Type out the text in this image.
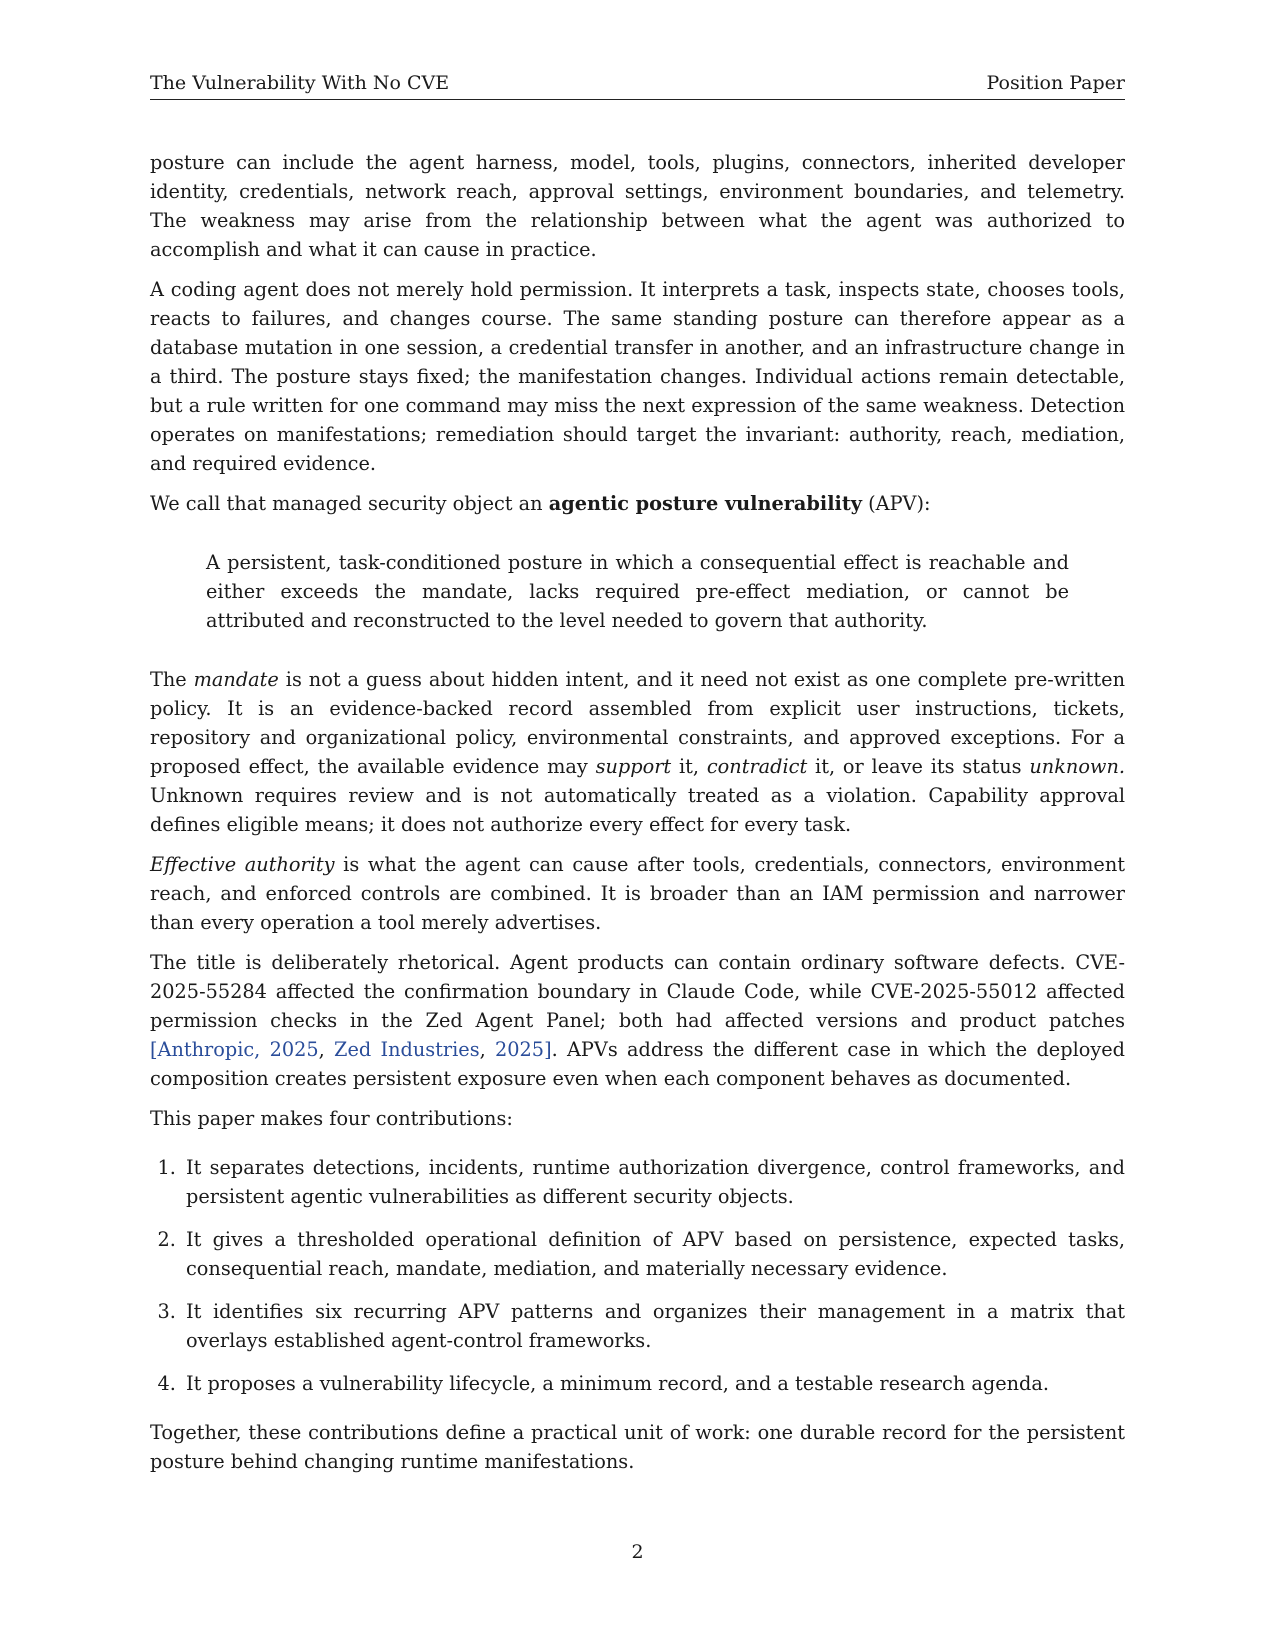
The Vulnerability With No CVE	Position Paper

posture can include the agent harness, model, tools, plugins, connectors, inherited developer identity, credentials, network reach, approval settings, environment boundaries, and telemetry. The weakness may arise from the relationship between what the agent was authorized to accomplish and what it can cause in practice.

A coding agent does not merely hold permission. It interprets a task, inspects state, chooses tools, reacts to failures, and changes course. The same standing posture can therefore appear as a database mutation in one session, a credential transfer in another, and an infrastructure change in a third. The posture stays fixed; the manifestation changes. Individual actions remain detectable, but a rule written for one command may miss the next expression of the same weakness. Detection operates on manifestations; remediation should target the invariant: authority, reach, mediation, and required evidence.

We call that managed security object an agentic posture vulnerability (APV):

A persistent, task-conditioned posture in which a consequential effect is reachable and either exceeds the mandate, lacks required pre-effect mediation, or cannot be attributed and reconstructed to the level needed to govern that authority.

The mandate is not a guess about hidden intent, and it need not exist as one complete pre-written policy. It is an evidence-backed record assembled from explicit user instructions, tickets, repository and organizational policy, environmental constraints, and approved exceptions. For a proposed effect, the available evidence may support it, contradict it, or leave its status unknown. Unknown requires review and is not automatically treated as a violation. Capability approval defines eligible means; it does not authorize every effect for every task.

Effective authority is what the agent can cause after tools, credentials, connectors, environment reach, and enforced controls are combined. It is broader than an IAM permission and narrower than every operation a tool merely advertises.

The title is deliberately rhetorical. Agent products can contain ordinary software defects. CVE-2025-55284 affected the confirmation boundary in Claude Code, while CVE-2025-55012 affected permission checks in the Zed Agent Panel; both had affected versions and product patches [Anthropic, 2025, Zed Industries, 2025]. APVs address the different case in which the deployed composition creates persistent exposure even when each component behaves as documented.

This paper makes four contributions:

1. It separates detections, incidents, runtime authorization divergence, control frameworks, and persistent agentic vulnerabilities as different security objects.
2. It gives a thresholded operational definition of APV based on persistence, expected tasks, consequential reach, mandate, mediation, and materially necessary evidence.
3. It identifies six recurring APV patterns and organizes their management in a matrix that overlays established agent-control frameworks.
4. It proposes a vulnerability lifecycle, a minimum record, and a testable research agenda.

Together, these contributions define a practical unit of work: one durable record for the persistent posture behind changing runtime manifestations.

2
